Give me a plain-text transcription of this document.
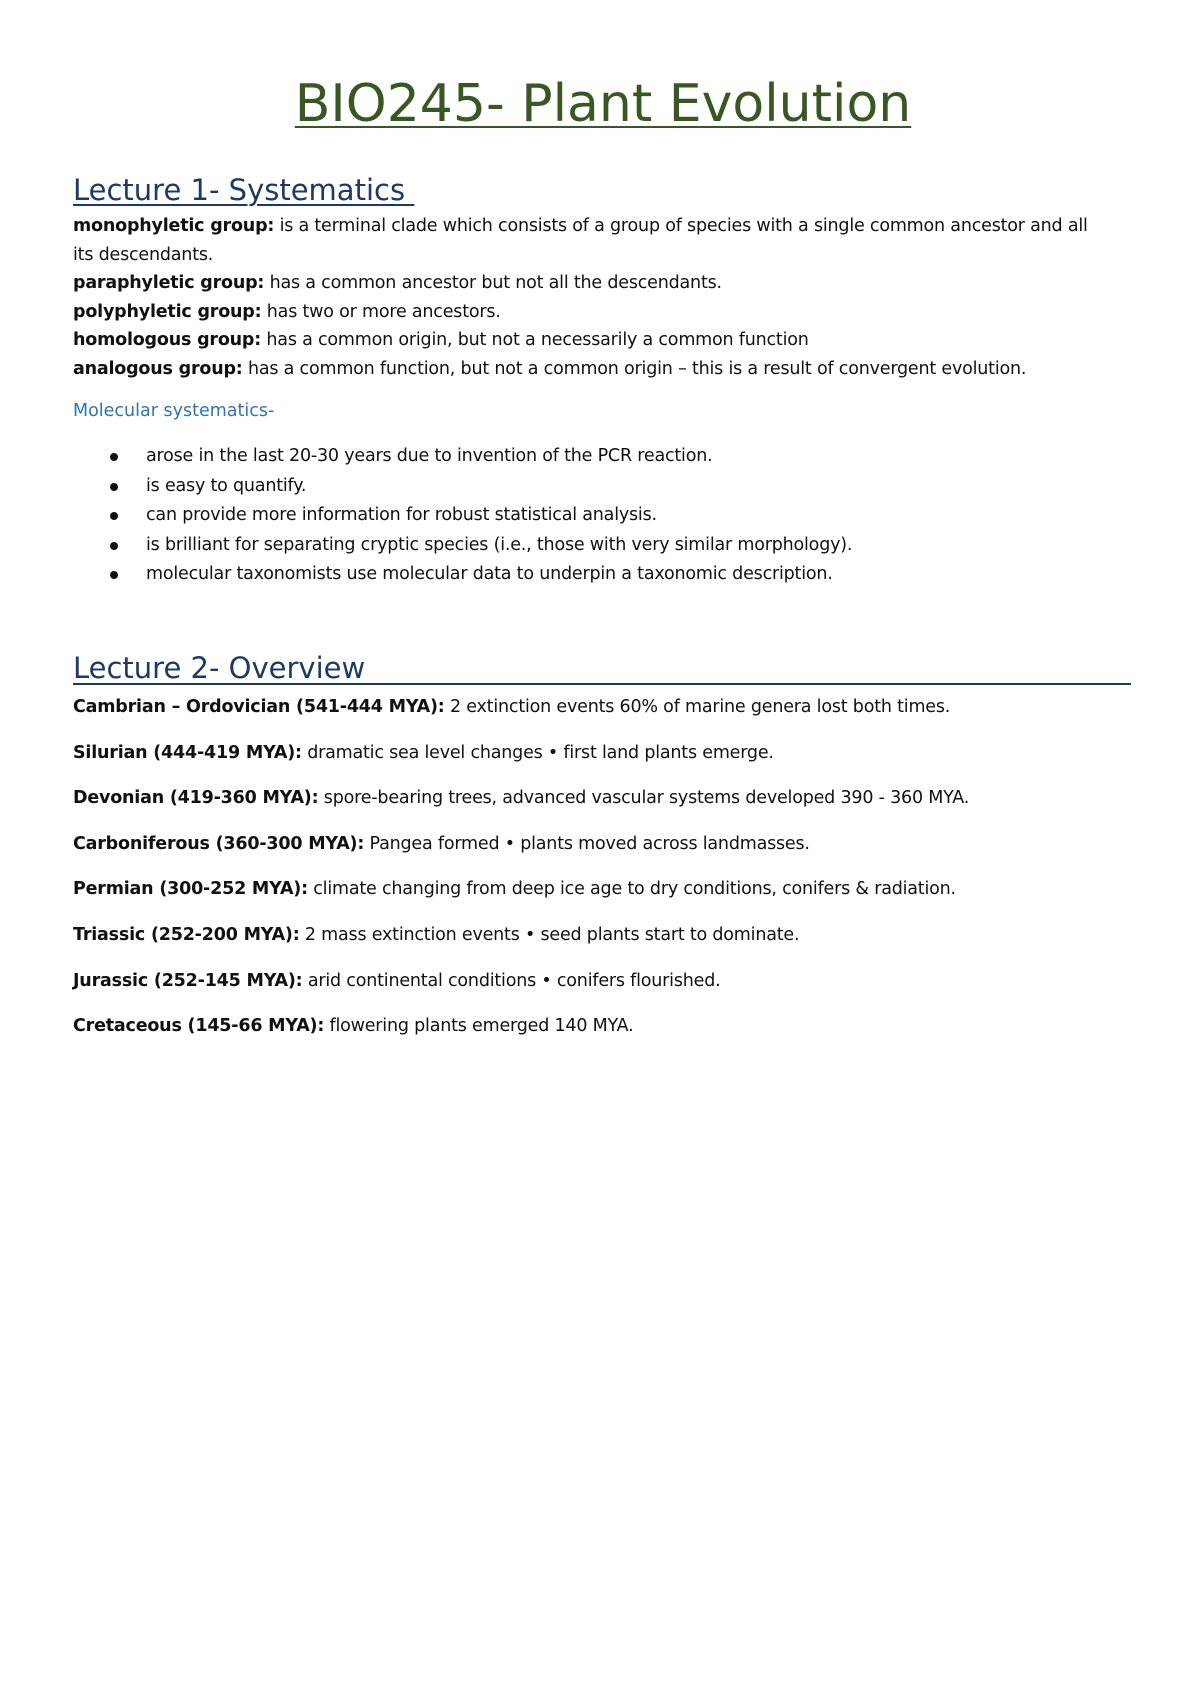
BIO245- Plant Evolution
Lecture 1- Systematics

monophyletic group: is a terminal clade which consists of a group of species with a single common ancestor and all its descendants.

paraphyletic group: has a common ancestor but not all the descendants.

polyphyletic group: has two or more ancestors.

homologous group: has a common origin, but not a necessarily a common function

analogous group: has a common function, but not a common origin – this is a result of convergent evolution.

Molecular systematics-

arose in the last 20-30 years due to invention of the PCR reaction.
is easy to quantify.
can provide more information for robust statistical analysis.
is brilliant for separating cryptic species (i.e., those with very similar morphology).
molecular taxonomists use molecular data to underpin a taxonomic description.
Lecture 2- Overview

Cambrian – Ordovician (541-444 MYA): 2 extinction events 60% of marine genera lost both times.

Silurian (444-419 MYA): dramatic sea level changes • first land plants emerge.

Devonian (419-360 MYA): spore-bearing trees, advanced vascular systems developed 390 - 360 MYA.

Carboniferous (360-300 MYA): Pangea formed • plants moved across landmasses.

Permian (300-252 MYA): climate changing from deep ice age to dry conditions, conifers & radiation.

Triassic (252-200 MYA): 2 mass extinction events • seed plants start to dominate.

Jurassic (252-145 MYA): arid continental conditions • conifers flourished.

Cretaceous (145-66 MYA): flowering plants emerged 140 MYA.
